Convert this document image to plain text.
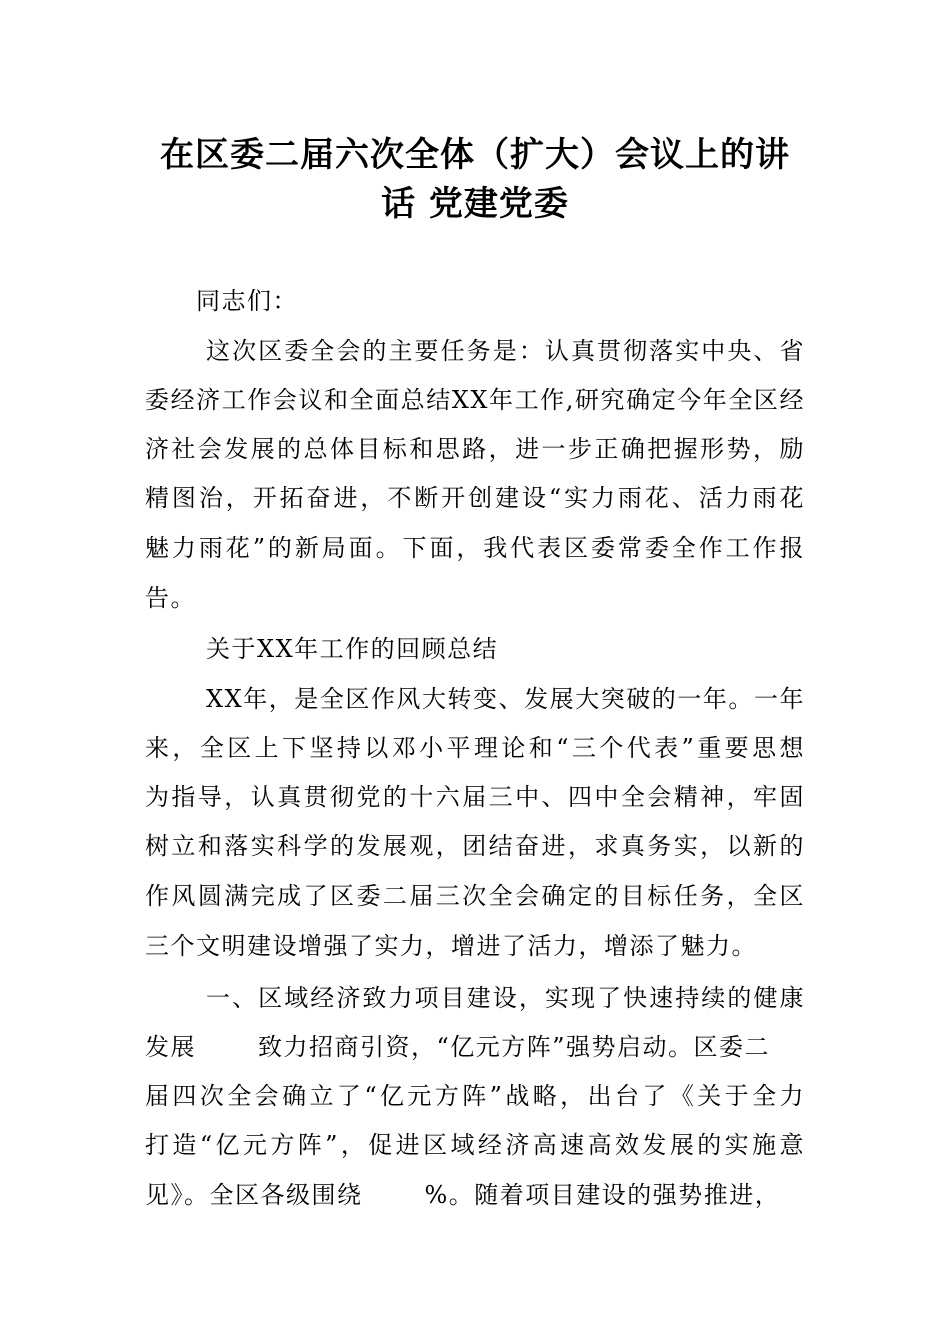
在区委二届六次全体（扩大）会议上的讲
话 党建党委
同志们：
这次区委全会的主要任务是：认真贯彻落实中央、省
委经济工作会议和全面总结XX年工作,研究确定今年全区经
济社会发展的总体目标和思路，进一步正确把握形势，励
精图治，开拓奋进，不断开创建设“实力雨花、活力雨花
魅力雨花”的新局面。下面，我代表区委常委全作工作报
告。
关于XX年工作的回顾总结
XX年，是全区作风大转变、发展大突破的一年。一年
来，全区上下坚持以邓小平理论和“三个代表”重要思想
为指导，认真贯彻党的十六届三中、四中全会精神，牢固
树立和落实科学的发展观，团结奋进，求真务实，以新的
作风圆满完成了区委二届三次全会确定的目标任务，全区
三个文明建设增强了实力，增进了活力，增添了魅力。
一、区域经济致力项目建设，实现了快速持续的健康
发展	致力招商引资，“亿元方阵”强势启动。区委二
届四次全会确立了“亿元方阵”战略，出台了《关于全力
打造“亿元方阵”，促进区域经济高速高效发展的实施意
见》。全区各级围绕	%。随着项目建设的强势推进，
